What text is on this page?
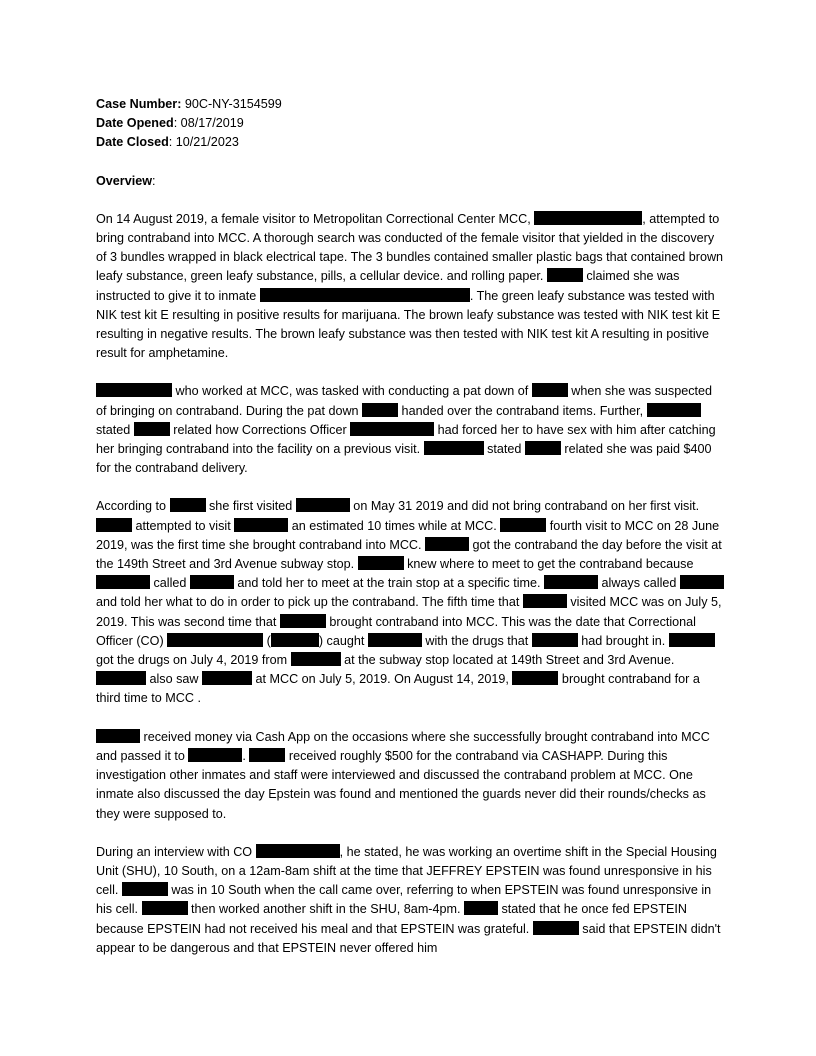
Case Number: 90C-NY-3154599
Date Opened: 08/17/2019
Date Closed: 10/21/2023
Overview:

On 14 August 2019, a female visitor to Metropolitan Correctional Center MCC,	, attempted to bring contraband into MCC. A thorough search was conducted of the female visitor that yielded in the discovery of 3 bundles wrapped in black electrical tape. The 3 bundles contained smaller plastic bags that contained brown leafy substance, green leafy substance, pills, a cellular device. and rolling paper.	claimed she was instructed to give it to inmate	. The green leafy substance was tested with NIK test kit E resulting in positive results for marijuana. The brown leafy substance was tested with NIK test kit E resulting in negative results. The brown leafy substance was then tested with NIK test kit A resulting in positive result for amphetamine.

who worked at MCC, was tasked with conducting a pat down of	when she was suspected of bringing on contraband. During the pat down	handed over the contraband items. Further,  stated	related how Corrections Officer	had forced her to have sex with him after catching her bringing contraband into the facility on a previous visit.	stated	related she was paid $400 for the contraband delivery.

According to	she first visited	on May 31 2019 and did not bring contraband on her first visit.  attempted to visit	an estimated 10 times while at MCC.	fourth visit to MCC on 28 June 2019, was the first time she brought contraband into MCC.	got the contraband the day before the visit at the 149th Street and 3rd Avenue subway stop.	knew where to meet to get the contraband because  called	and told her to meet at the train stop at a specific time.	always called  and told her what to do in order to pick up the contraband. The fifth time that	visited MCC was on July 5, 2019. This was second time that	brought contraband into MCC. This was the date that Correctional Officer (CO)	(	) caught	with the drugs that	had brought in.  got the drugs on July 4, 2019 from	at the subway stop located at 149th Street and 3rd Avenue.  also saw	at MCC on July 5, 2019. On August 14, 2019,	brought contraband for a third time to MCC .

received money via Cash App on the occasions where she successfully brought contraband into MCC and passed it to	.	received roughly $500 for the contraband via CASHAPP. During this investigation other inmates and staff were interviewed and discussed the contraband problem at MCC. One inmate also discussed the day Epstein was found and mentioned the guards never did their rounds/checks as they were supposed to.

During an interview with CO	, he stated, he was working an overtime shift in the Special Housing Unit (SHU), 10 South, on a 12am-8am shift at the time that JEFFREY EPSTEIN was found unresponsive in his cell.	was in 10 South when the call came over, referring to when EPSTEIN was found unresponsive in his cell.	then worked another shift in the SHU, 8am-4pm.	stated that he once fed EPSTEIN because EPSTEIN had not received his meal and that EPSTEIN was grateful.	said that EPSTEIN didn't appear to be dangerous and that EPSTEIN never offered him
